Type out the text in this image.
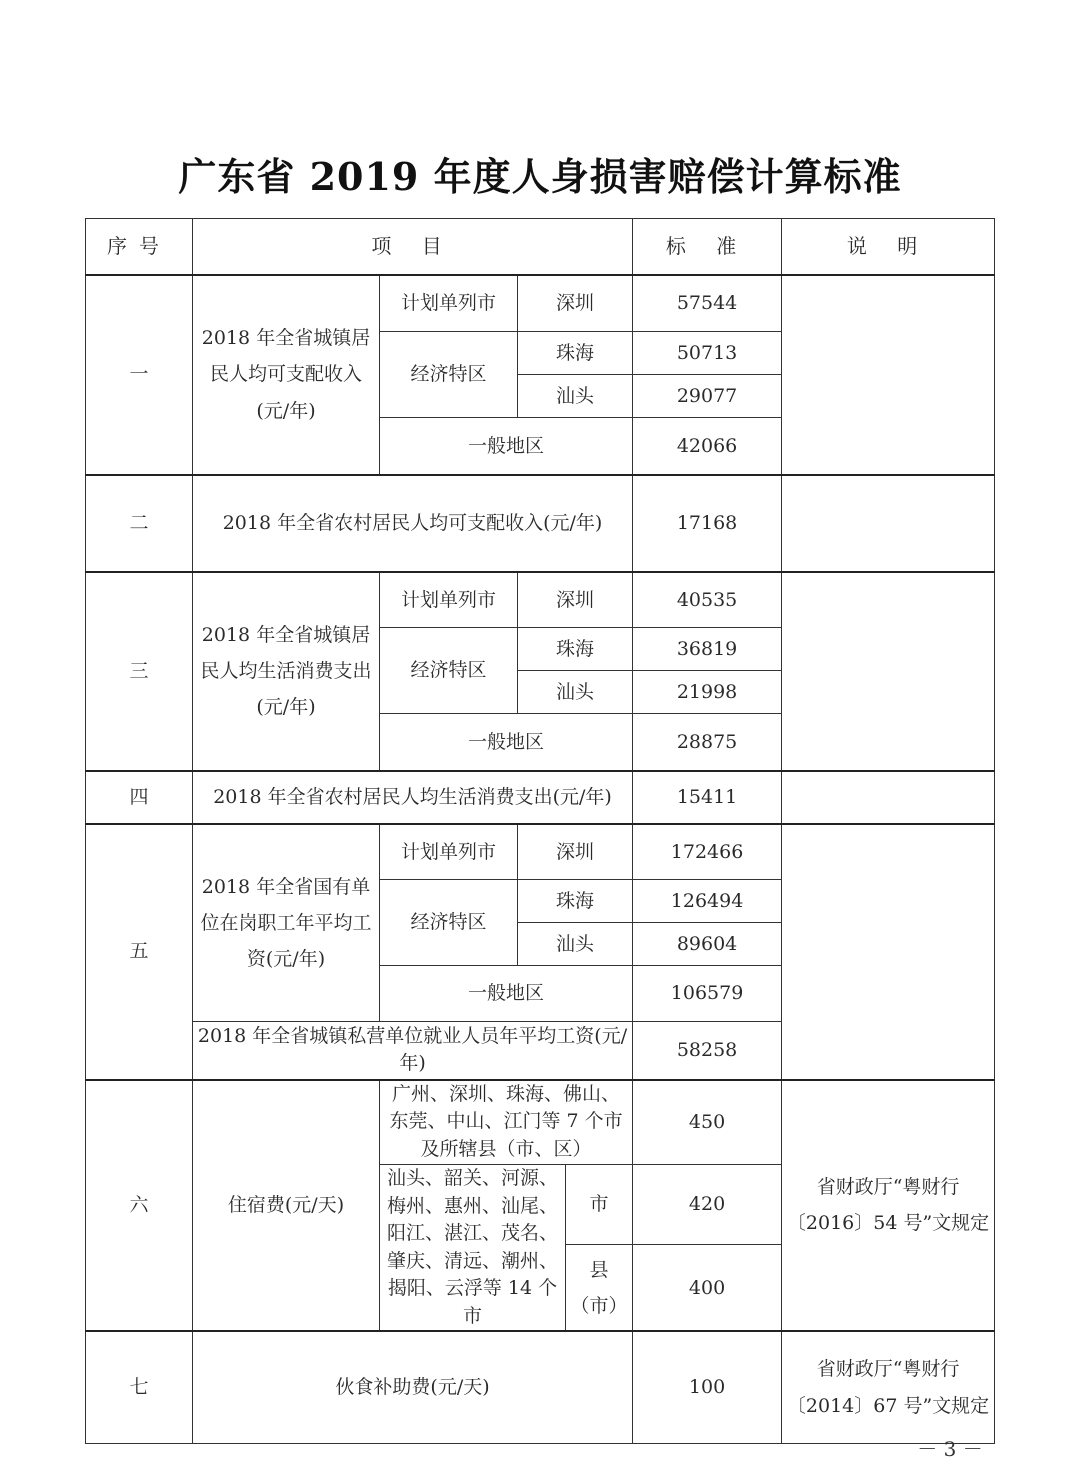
广东省 2019 年度人身损害赔偿计算标准
序号	项 目				标 准	说 明
一	2018 年全省城镇居民人均可支配收入(元/年)	计划单列市	深圳		57544	
		经济特区	珠海		50713	
			汕头		29077	
		一般地区			42066	
二	2018 年全省农村居民人均可支配收入(元/年)				17168	
三	2018 年全省城镇居民人均生活消费支出(元/年)	计划单列市	深圳		40535	
		经济特区	珠海		36819	
			汕头		21998	
		一般地区			28875	
四	2018 年全省农村居民人均生活消费支出(元/年)				15411	
五	2018 年全省国有单位在岗职工年平均工资(元/年)	计划单列市	深圳		172466	
		经济特区	珠海		126494	
			汕头		89604	
		一般地区			106579	
	2018 年全省城镇私营单位就业人员年平均工资(元/年)				58258	
六	住宿费(元/天)	广州、深圳、珠海、佛山、东莞、中山、江门等 7 个市及所辖县（市、区）			450	省财政厅“粤财行〔2016〕54 号”文规定
		汕头、韶关、河源、梅州、惠州、汕尾、阳江、湛江、茂名、肇庆、清远、潮州、揭阳、云浮等 14 个市		市	420	
				县（市）	400	
七	伙食补助费(元/天)				100	省财政厅“粤财行〔2014〕67 号”文规定
－ 3 －
